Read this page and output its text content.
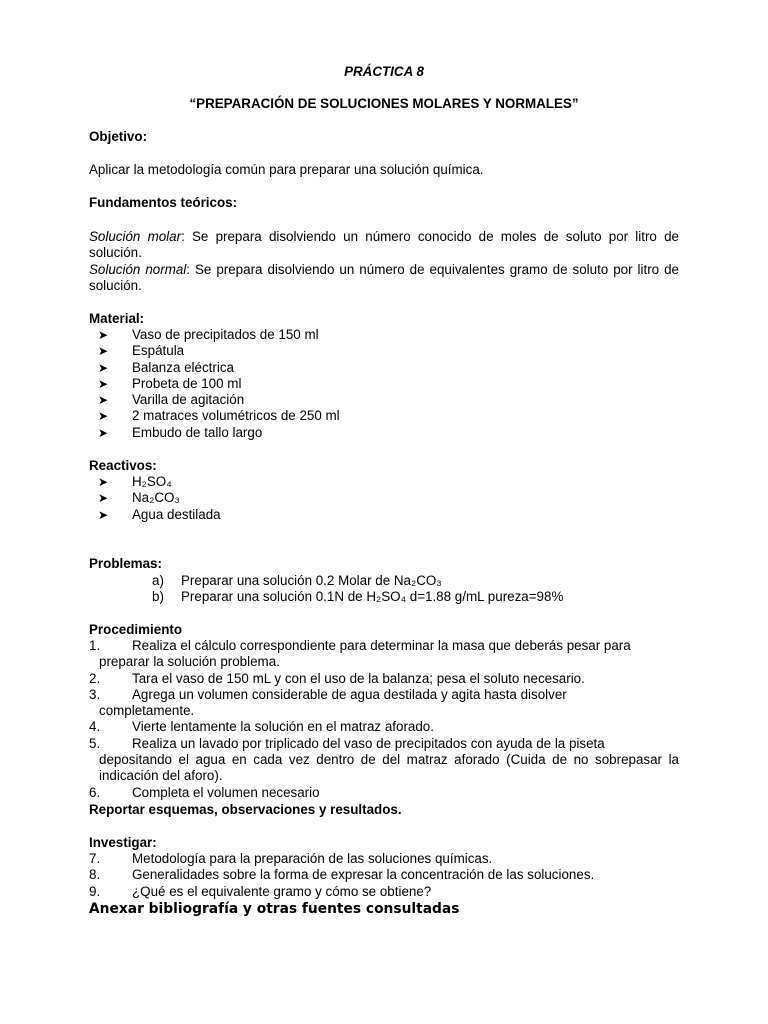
PRÁCTICA 8
“PREPARACIÓN DE SOLUCIONES MOLARES Y NORMALES”
Objetivo:
Aplicar la metodología común para preparar una solución química.
Fundamentos teóricos:
Solución molar: Se prepara disolviendo un número conocido de moles de soluto por litro de solución.
Solución normal: Se prepara disolviendo un número de equivalentes gramo de soluto por litro de solución.
Material:
➤	Vaso de precipitados de 150 ml
➤	Espátula
➤	Balanza eléctrica
➤	Probeta de 100 ml
➤	Varilla de agitación
➤	2 matraces volumétricos de 250 ml
➤	Embudo de tallo largo
Reactivos:
➤	H₂SO₄
➤	Na₂CO₃
➤	Agua destilada
Problemas:
a) Preparar una solución 0.2 Molar de Na₂CO₃
b) Preparar una solución 0.1N de H₂SO₄ d=1.88 g/mL pureza=98%
Procedimiento
1. Realiza el cálculo correspondiente para determinar la masa que deberás pesar para
preparar la solución problema.
2. Tara el vaso de 150 mL y con el uso de la balanza; pesa el soluto necesario.
3. Agrega un volumen considerable de agua destilada y agita hasta disolver
completamente.
4. Vierte lentamente la solución en el matraz aforado.
5. Realiza un lavado por triplicado del vaso de precipitados con ayuda de la piseta
depositando el agua en cada vez dentro de del matraz aforado (Cuida de no sobrepasar la indicación del aforo).
6. Completa el volumen necesario
Reportar esquemas, observaciones y resultados.
Investigar:
7. Metodología para la preparación de las soluciones químicas.
8. Generalidades sobre la forma de expresar la concentración de las soluciones.
9. ¿Qué es el equivalente gramo y cómo se obtiene?
Anexar bibliografía y otras fuentes consultadas
